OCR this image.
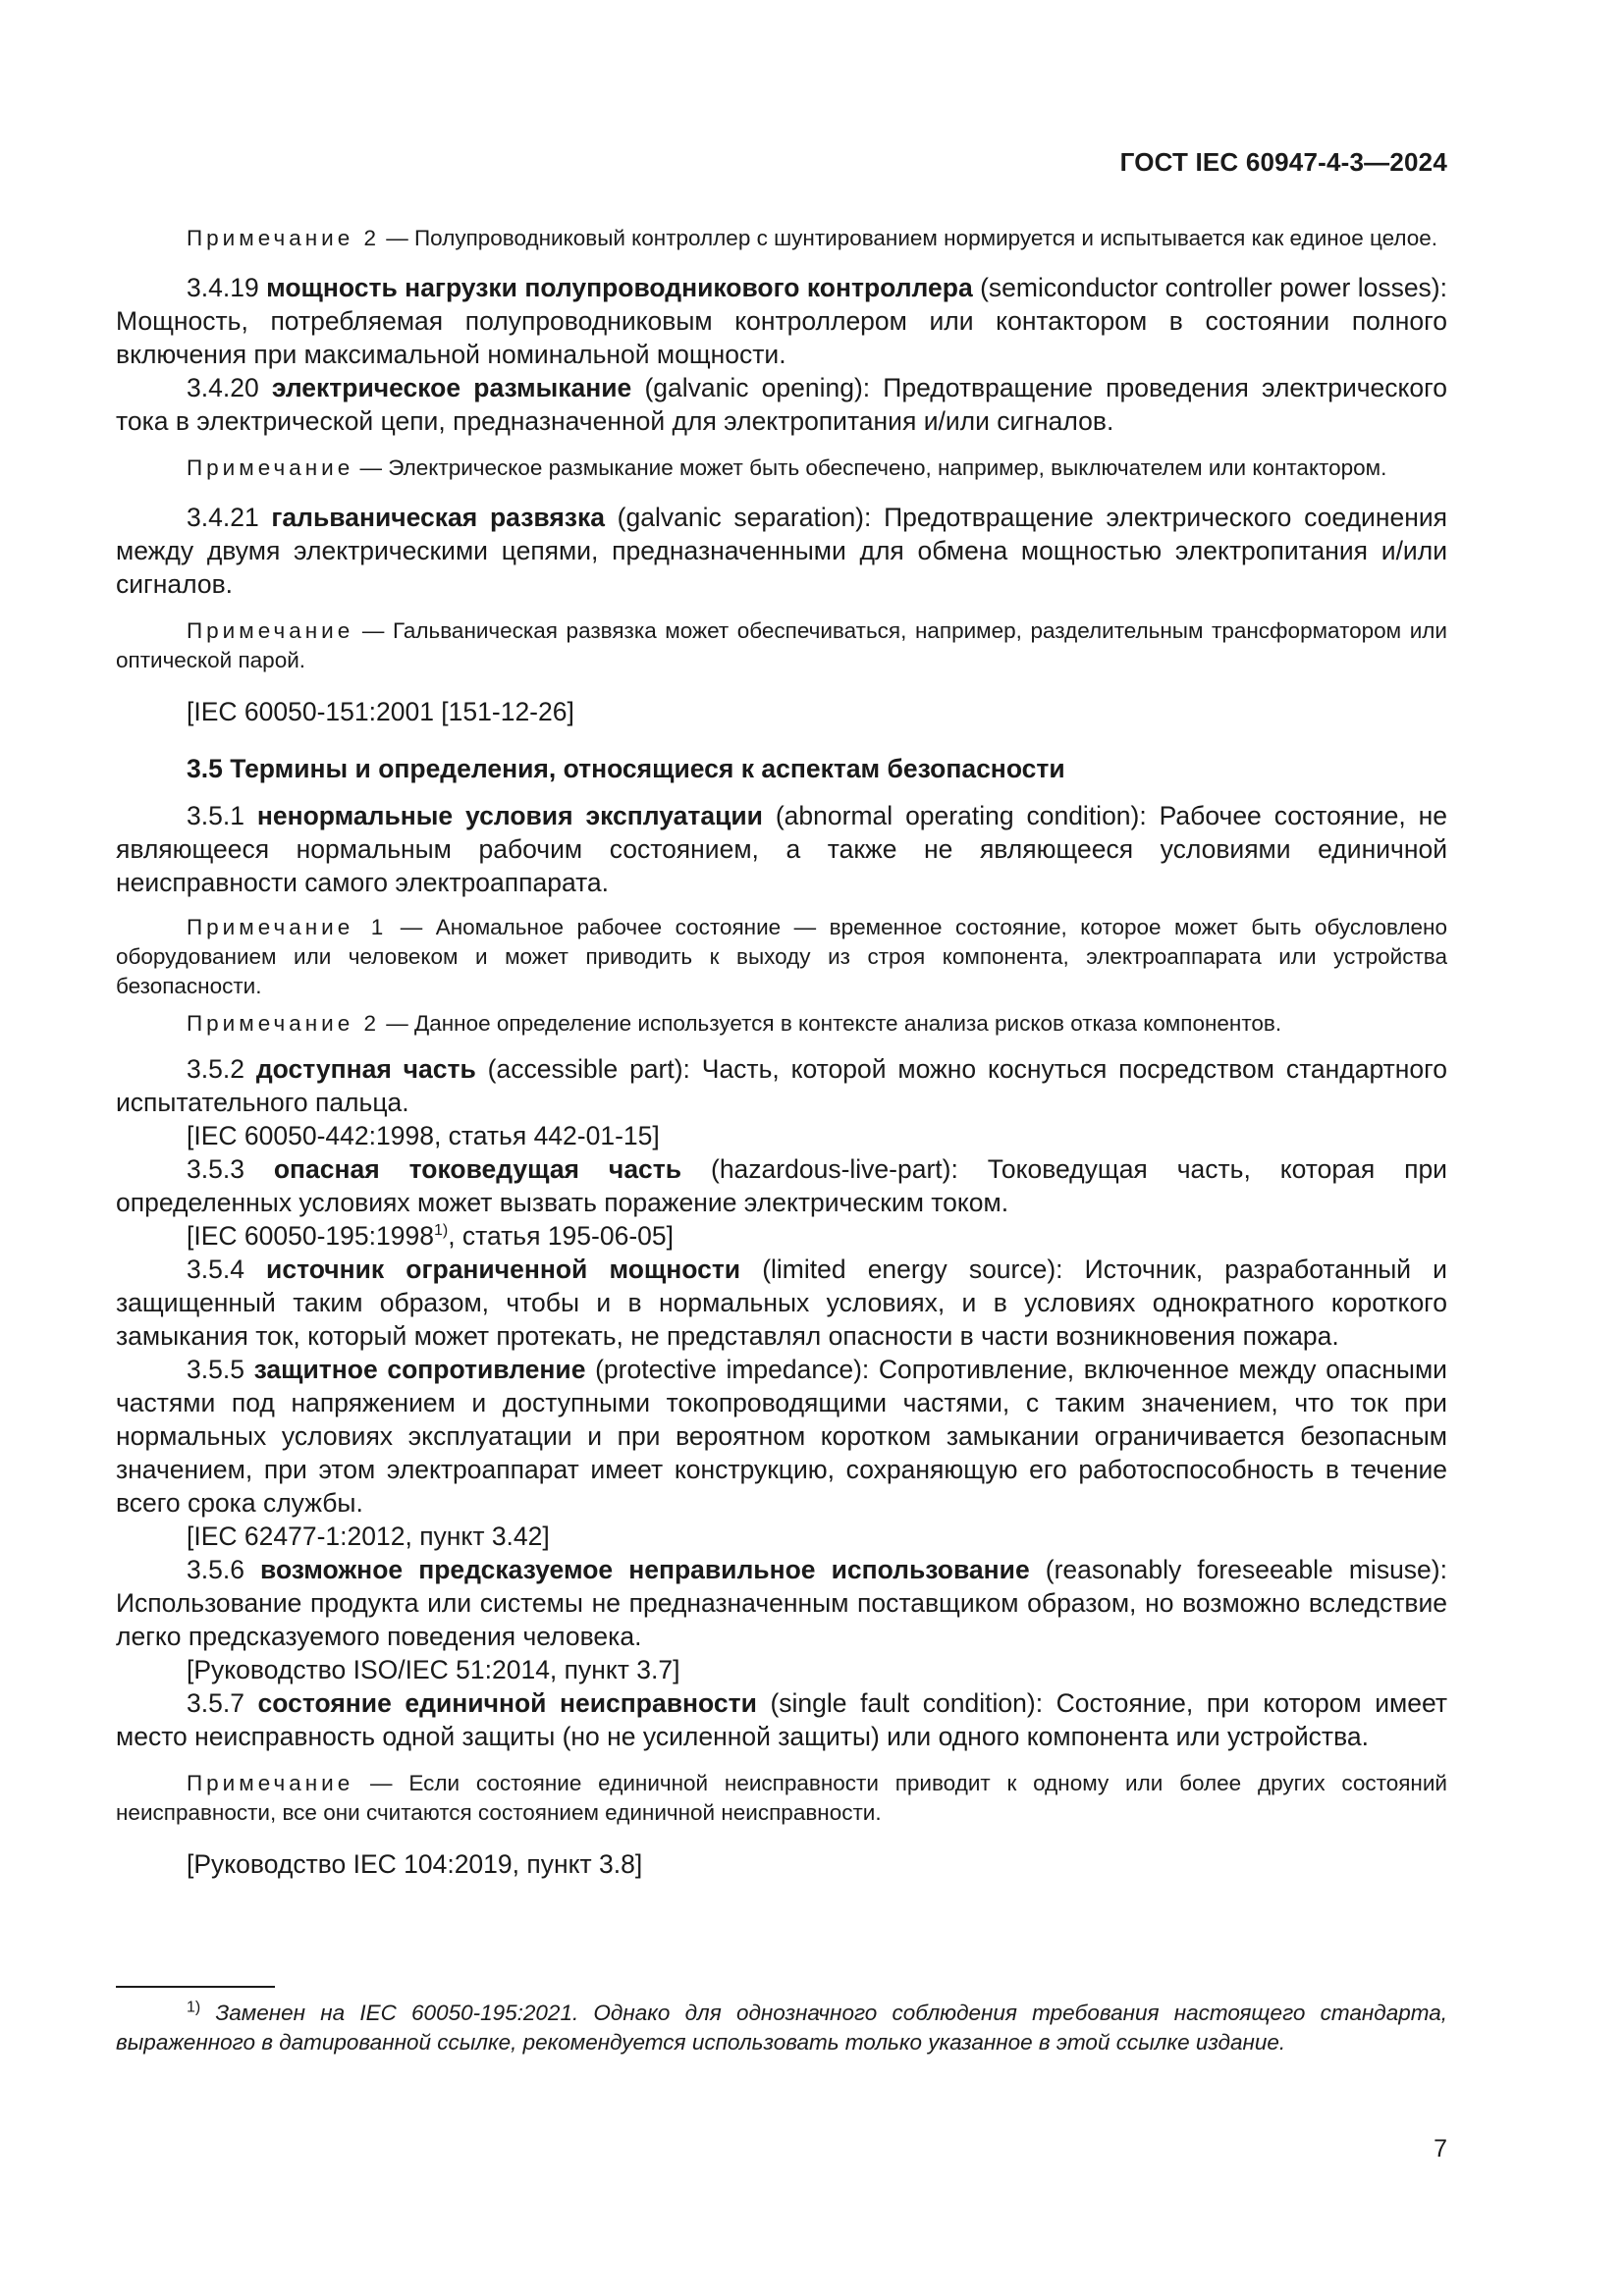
ГОСТ IEC 60947-4-3—2024

Примечание 2 — Полупроводниковый контроллер с шунтированием нормируется и испытывается как единое целое.

3.4.19 мощность нагрузки полупроводникового контроллера (semiconductor controller power losses): Мощность, потребляемая полупроводниковым контроллером или контактором в состоянии полного включения при максимальной номинальной мощности.

3.4.20 электрическое размыкание (galvanic opening): Предотвращение проведения электрического тока в электрической цепи, предназначенной для электропитания и/или сигналов.

Примечание — Электрическое размыкание может быть обеспечено, например, выключателем или контактором.

3.4.21 гальваническая развязка (galvanic separation): Предотвращение электрического соединения между двумя электрическими цепями, предназначенными для обмена мощностью электропитания и/или сигналов.

Примечание — Гальваническая развязка может обеспечиваться, например, разделительным трансформатором или оптической парой.

[IEC 60050-151:2001 [151-12-26]

3.5 Термины и определения, относящиеся к аспектам безопасности

3.5.1 ненормальные условия эксплуатации (abnormal operating condition): Рабочее состояние, не являющееся нормальным рабочим состоянием, а также не являющееся условиями единичной неисправности самого электроаппарата.

Примечание 1 — Аномальное рабочее состояние — временное состояние, которое может быть обусловлено оборудованием или человеком и может приводить к выходу из строя компонента, электроаппарата или устройства безопасности.

Примечание 2 — Данное определение используется в контексте анализа рисков отказа компонентов.

3.5.2 доступная часть (accessible part): Часть, которой можно коснуться посредством стандартного испытательного пальца.

[IEC 60050-442:1998, статья 442-01-15]

3.5.3 опасная токоведущая часть (hazardous-live-part): Токоведущая часть, которая при определенных условиях может вызвать поражение электрическим током.

[IEC 60050-195:1998$^{1)}$, статья 195-06-05]

3.5.4 источник ограниченной мощности (limited energy source): Источник, разработанный и защищенный таким образом, чтобы и в нормальных условиях, и в условиях однократного короткого замыкания ток, который может протекать, не представлял опасности в части возникновения пожара.

3.5.5 защитное сопротивление (protective impedance): Сопротивление, включенное между опасными частями под напряжением и доступными токопроводящими частями, с таким значением, что ток при нормальных условиях эксплуатации и при вероятном коротком замыкании ограничивается безопасным значением, при этом электроаппарат имеет конструкцию, сохраняющую его работоспособность в течение всего срока службы.

[IEC 62477-1:2012, пункт 3.42]

3.5.6 возможное предсказуемое неправильное использование (reasonably foreseeable misuse): Использование продукта или системы не предназначенным поставщиком образом, но возможно вследствие легко предсказуемого поведения человека.

[Руководство ISO/IEC 51:2014, пункт 3.7]

3.5.7 состояние единичной неисправности (single fault condition): Состояние, при котором имеет место неисправность одной защиты (но не усиленной защиты) или одного компонента или устройства.

Примечание — Если состояние единичной неисправности приводит к одному или более других состояний неисправности, все они считаются состоянием единичной неисправности.

[Руководство IEC 104:2019, пункт 3.8]

$^{1)}$ Заменен на IEC 60050-195:2021. Однако для однозначного соблюдения требования настоящего стандарта, выраженного в датированной ссылке, рекомендуется использовать только указанное в этой ссылке издание.

7
